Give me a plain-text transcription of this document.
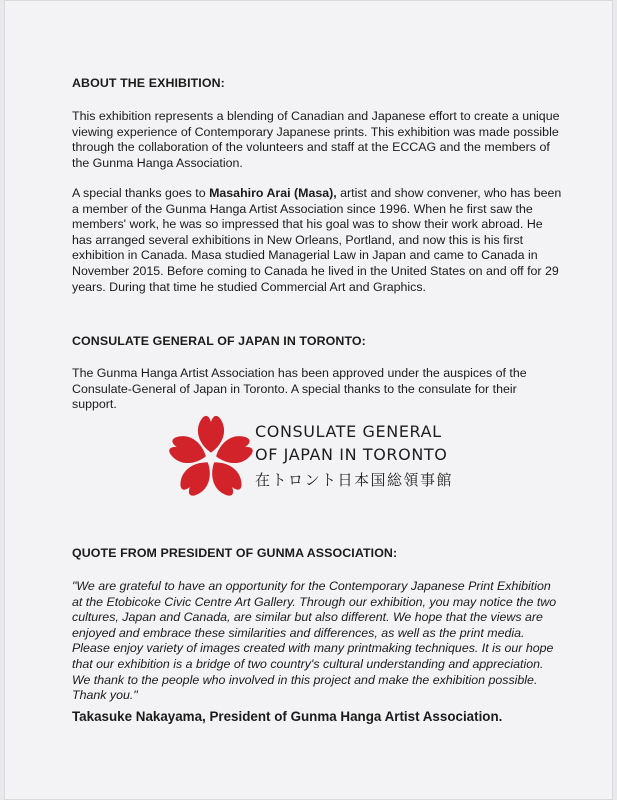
ABOUT THE EXHIBITION:

This exhibition represents a blending of Canadian and Japanese effort to create a unique viewing experience of Contemporary Japanese prints. This exhibition was made possible through the collaboration of the volunteers and staff at the ECCAG and the members of the Gunma Hanga Association.

A special thanks goes to Masahiro Arai (Masa), artist and show convener, who has been a member of the Gunma Hanga Artist Association since 1996. When he first saw the members' work, he was so impressed that his goal was to show their work abroad. He has arranged several exhibitions in New Orleans, Portland, and now this is his first exhibition in Canada. Masa studied Managerial Law in Japan and came to Canada in November 2015. Before coming to Canada he lived in the United States on and off for 29 years. During that time he studied Commercial Art and Graphics.

CONSULATE GENERAL OF JAPAN IN TORONTO:

The Gunma Hanga Artist Association has been approved under the auspices of the Consulate-General of Japan in Toronto. A special thanks to the consulate for their support.

CONSULATE GENERAL
OF JAPAN IN TORONTO
在トロント日本国総領事館
QUOTE FROM PRESIDENT OF GUNMA ASSOCIATION:

"We are grateful to have an opportunity for the Contemporary Japanese Print Exhibition at the Etobicoke Civic Centre Art Gallery. Through our exhibition, you may notice the two cultures, Japan and Canada, are similar but also different. We hope that the views are enjoyed and embrace these similarities and differences, as well as the print media. Please enjoy variety of images created with many printmaking techniques. It is our hope that our exhibition is a bridge of two country's cultural understanding and appreciation. We thank to the people who involved in this project and make the exhibition possible. Thank you."

Takasuke Nakayama, President of Gunma Hanga Artist Association.
